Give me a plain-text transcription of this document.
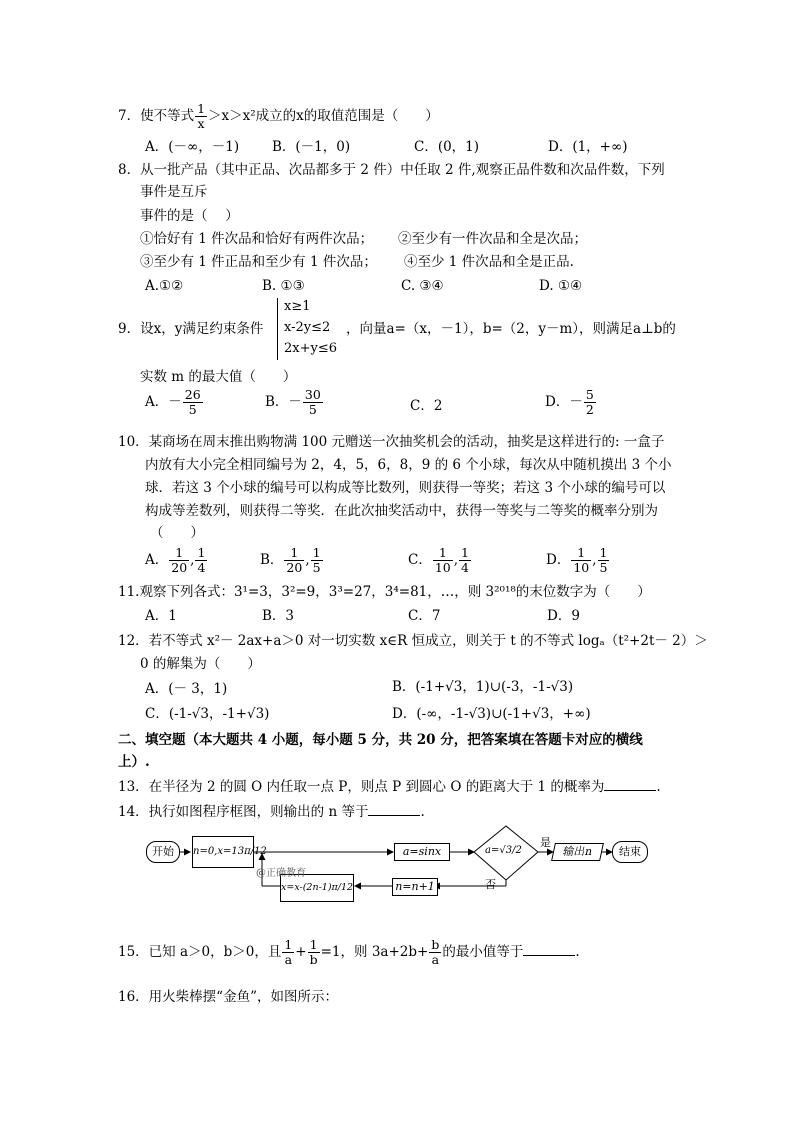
7．使不等式 $\frac{1}{x} >x>x^2$成立的x的取值范围是（　　）
A．(－∞，－1) B．(－1，0)	C．(0，1)	D．(1，+∞)
8．从一批产品（其中正品、次品都多于 2 件）中任取 2 件,观察正品件数和次品件数，下列
事件是互斥
事件的是（　 ）
①恰好有 1 件次品和恰好有两件次品； ②至少有一件次品和全是次品；
③至少有 1 件正品和至少有 1 件次品； ④至少 1 件次品和全是正品.
A.①②	B. ①③	C. ③④	D. ①④
9．设x，y满足约束条件
x≥1
x-2y≤2
2x+y≤6
，向量a=（x，－1），b=（2，y－m），则满足a⊥b的
实数 m 的最大值（　　）
A．－ $\frac{26}{5}$	B．－ $\frac{30}{5}$	C．2	D．－ $\frac{5}{2}$
10．某商场在周末推出购物满 100 元赠送一次抽奖机会的活动，抽奖是这样进行的: 一盒子
内放有大小完全相同编号为 2，4，5，6，8，9 的 6 个小球，每次从中随机摸出 3 个小
球．若这 3 个小球的编号可以构成等比数列，则获得一等奖；若这 3 个小球的编号可以
构成等差数列，则获得二等奖．在此次抽奖活动中，获得一等奖与二等奖的概率分别为
（　　）
A． $\frac{1}{20}$ , $\frac{1}{4}$	B． $\frac{1}{20}$ , $\frac{1}{5}$	C． $\frac{1}{10}$ , $\frac{1}{4}$	D． $\frac{1}{10}$ , $\frac{1}{5}$
11.观察下列各式：3¹=3，3²=9，3³=27，3⁴=81，…，则 3²⁰¹⁸的末位数字为（　　）
A．1	B．3	C．7	D．9
12．若不等式 x²－ 2ax+a＞0 对一切实数 x∈R 恒成立，则关于 t 的不等式 logₐ（t²+2t－ 2）＞
0 的解集为（　　）
A．(－ 3，1)	B．(-1+√3，1)∪(-3，-1-√3)
C．(-1-√3，-1+√3)	D．(-∞，-1-√3)∪(-1+√3，+∞)
二、填空题（本大题共 4 小题，每小题 5 分，共 20 分，把答案填在答题卡对应的横线
上）.
13．在半径为 2 的圆 O 内任取一点 P，则点 P 到圆心 O 的距离大于 1 的概率为	.
14．执行如图程序框图，则输出的 n 等于	.
开始	n=0,x=13π/12	a=sinx	a=√3/2
是
否
输出n	结束
n=n+1
x=x-(2n-1)π/12
@正确教育
15．已知 a＞0，b＞0，且 $\frac{1}{a} + \frac{1}{b} =1$，则 $3a+2b+ \frac{b}{a}$ 的最小值等于	.
16．用火柴棒摆“金鱼”，如图所示：
